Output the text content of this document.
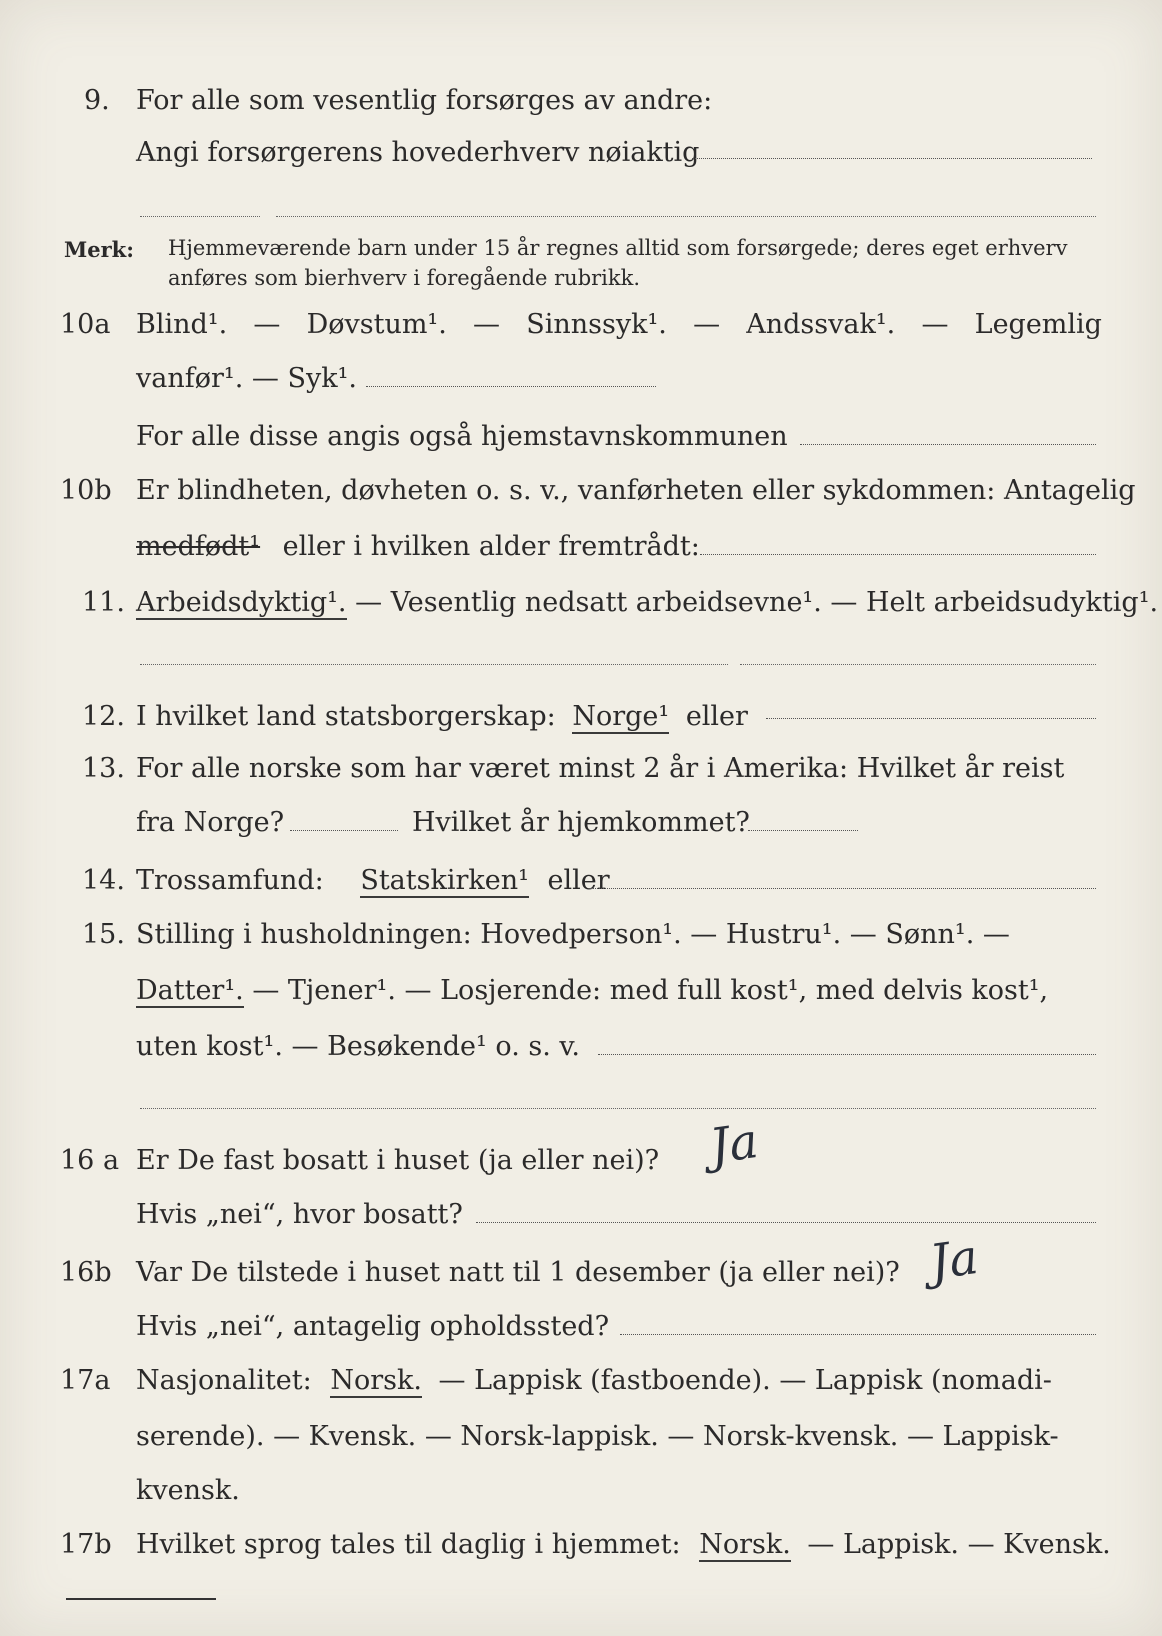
9. For alle som vesentlig forsørges av andre:
Angi forsørgerens hovederhverv nøiaktig
Merk: Hjemmeværende barn under 15 år regnes alltid som forsørgede; deres eget erhverv
anføres som bierhverv i foregående rubrikk.
10a Blind¹. — Døvstum¹. — Sinnssyk¹. — Andssvak¹. — Legemlig
vanfør¹. — Syk¹.
For alle disse angis også hjemstavnskommunen
10b Er blindheten, døvheten o. s. v., vanførheten eller sykdommen: Antagelig
medfødt¹ eller i hvilken alder fremtrådt:
11. Arbeidsdyktig¹. — Vesentlig nedsatt arbeidsevne¹. — Helt arbeidsudyktig¹.
12. I hvilket land statsborgerskap: Norge¹ eller
13. For alle norske som har været minst 2 år i Amerika: Hvilket år reist
fra Norge?	Hvilket år hjemkommet?
14. Trossamfund: Statskirken¹ eller
15. Stilling i husholdningen: Hovedperson¹. — Hustru¹. — Sønn¹. —
Datter¹. — Tjener¹. — Losjerende: med full kost¹, med delvis kost¹,
uten kost¹. — Besøkende¹ o. s. v.
16 a Er De fast bosatt i huset (ja eller nei)? Ja
Hvis „nei“, hvor bosatt?
16b Var De tilstede i huset natt til 1 desember (ja eller nei)? Ja
Hvis „nei“, antagelig opholdssted?
17a Nasjonalitet: Norsk. — Lappisk (fastboende). — Lappisk (nomadi-
serende). — Kvensk. — Norsk-lappisk. — Norsk-kvensk. — Lappisk-
kvensk.
17b Hvilket sprog tales til daglig i hjemmet: Norsk. — Lappisk. — Kvensk.
